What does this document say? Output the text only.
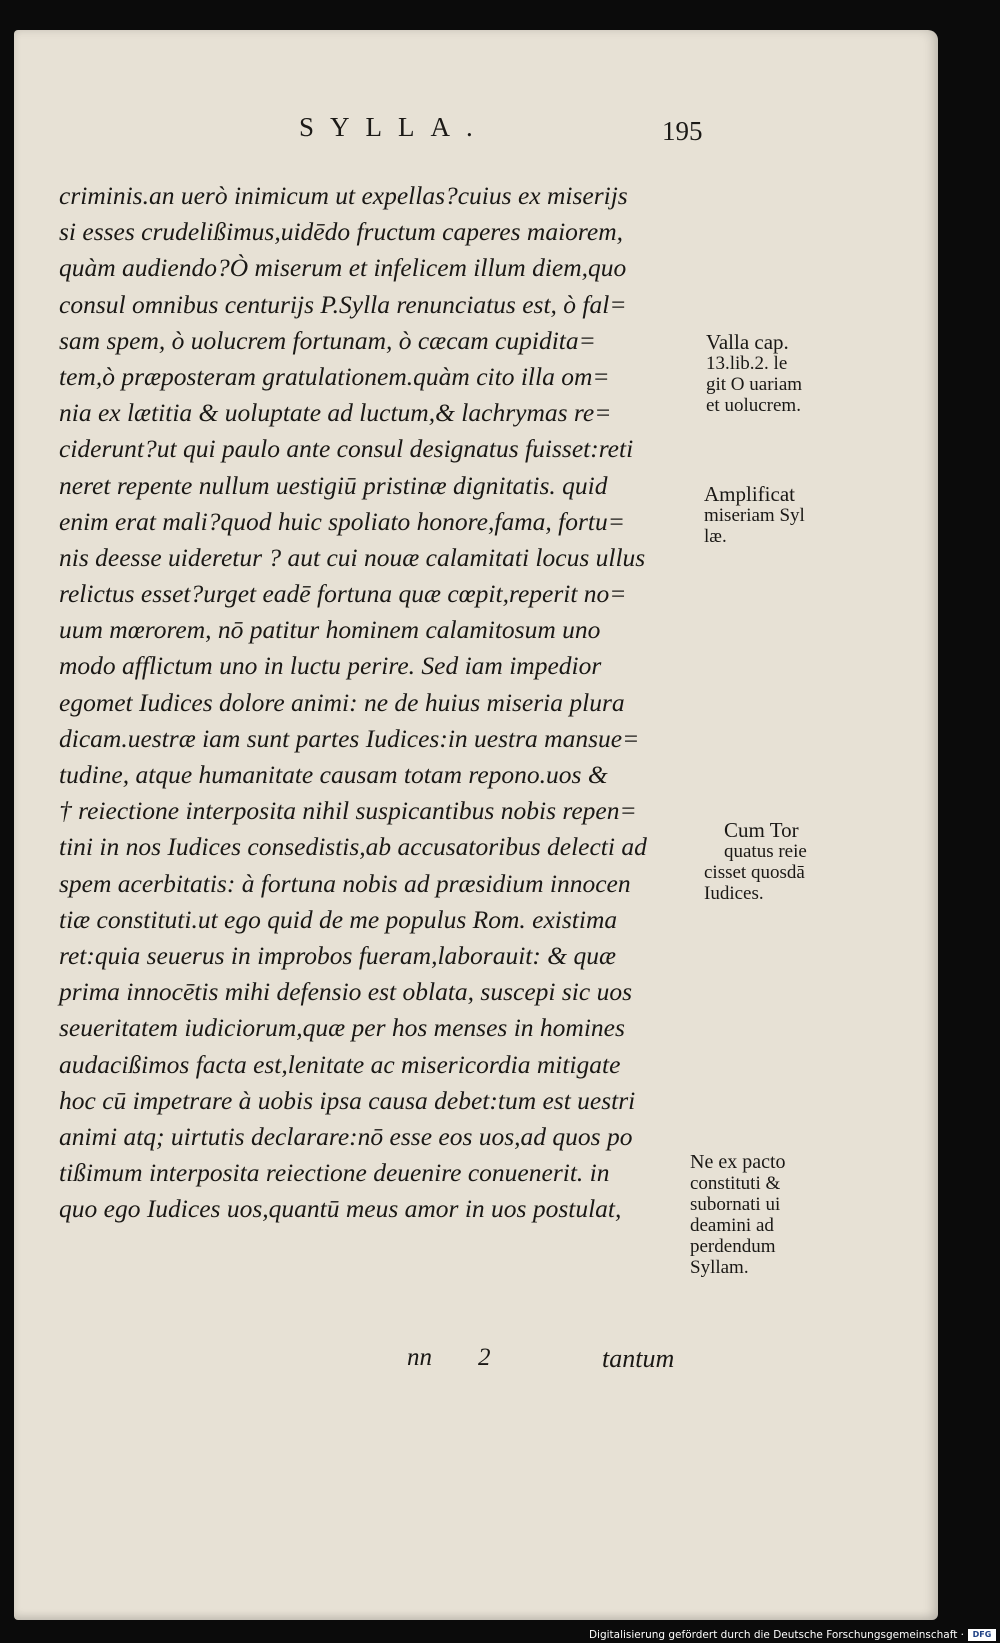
SYLLA.	195
criminis.an uerò inimicum ut expellas?cuius ex miserijs
si esses crudelißimus,uidēdo fructum caperes maiorem,
quàm audiendo?Ò miserum et infelicem illum diem,quo
consul omnibus centurijs P.Sylla renunciatus est, ò fal=
sam spem, ò uolucrem fortunam, ò cæcam cupidita=
tem,ò præposteram gratulationem.quàm cito illa om=
nia ex lætitia & uoluptate ad luctum,& lachrymas re=
ciderunt?ut qui paulo ante consul designatus fuisset:reti
neret repente nullum uestigiū pristinæ dignitatis. quid
enim erat mali?quod huic spoliato honore,fama, fortu=
nis deesse uideretur ? aut cui nouæ calamitati locus ullus
relictus esset?urget eadē fortuna quæ cœpit,reperit no=
uum mœrorem, nō patitur hominem calamitosum uno
modo afflictum uno in luctu perire. Sed iam impedior
egomet Iudices dolore animi: ne de huius miseria plura
dicam.uestræ iam sunt partes Iudices:in uestra mansue=
tudine, atque humanitate causam totam repono.uos &
† reiectione interposita nihil suspicantibus nobis repen=
tini in nos Iudices consedistis,ab accusatoribus delecti ad
spem acerbitatis: à fortuna nobis ad præsidium innocen
tiæ constituti.ut ego quid de me populus Rom. existima
ret:quia seuerus in improbos fueram,laborauit: & quæ
prima innocētis mihi defensio est oblata, suscepi sic uos
seueritatem iudiciorum,quæ per hos menses in homines
audacißimos facta est,lenitate ac misericordia mitigate
hoc cū impetrare à uobis ipsa causa debet:tum est uestri
animi atq; uirtutis declarare:nō esse eos uos,ad quos po
tißimum interposita reiectione deuenire conuenerit. in
quo ego Iudices uos,quantū meus amor in uos postulat,
Valla cap.
13.lib.2. le
git O uariam
et uolucrem.
Amplificat
miseriam Syl
læ.
Cum Tor
quatus reie
cisset quosdā
Iudices.
Ne ex pacto
constituti &
subornati ui
deamini ad
perdendum
Syllam.
nn 2	tantum
Digitalisierung gefördert durch die Deutsche Forschungsgemeinschaft ·	DFG
